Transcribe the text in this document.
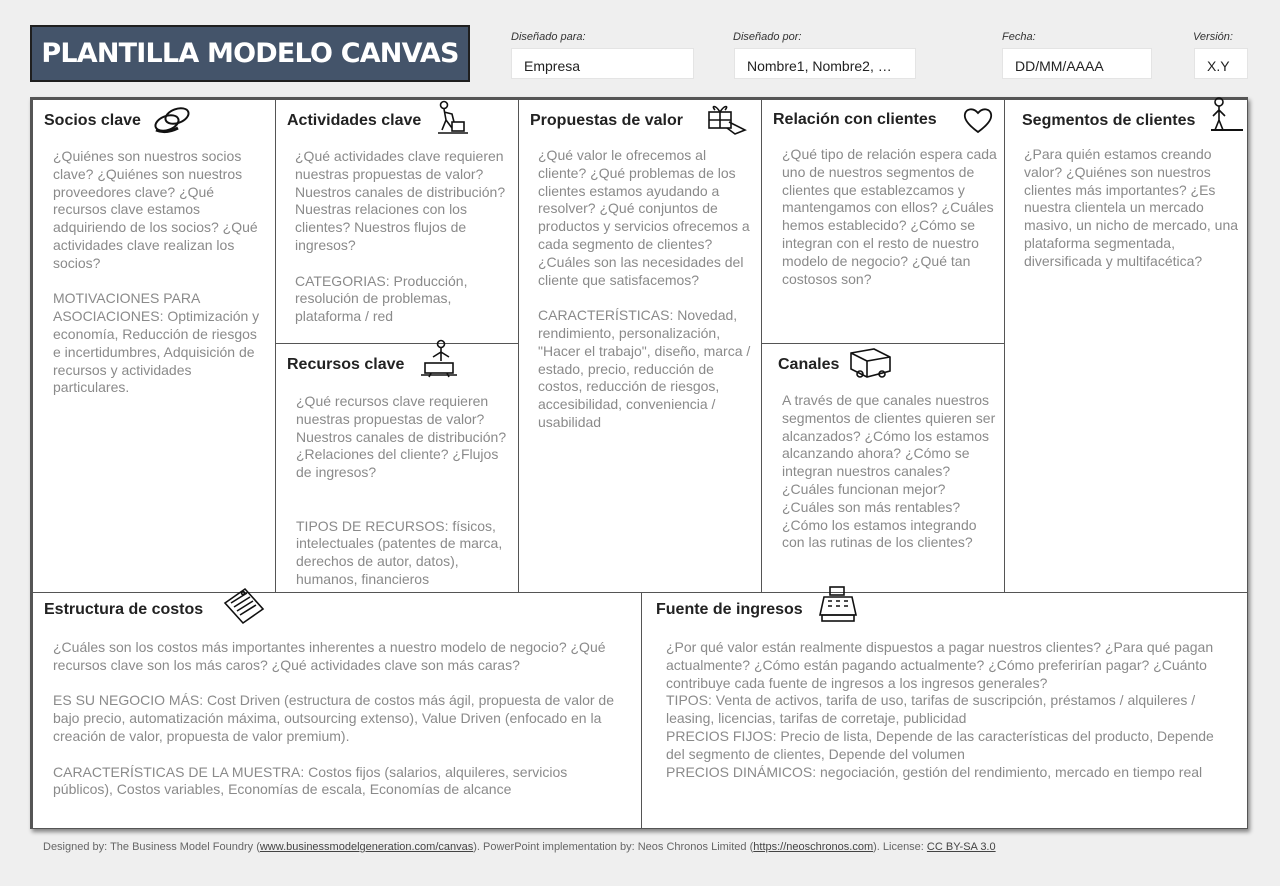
PLANTILLA MODELO CANVAS
Diseñado para:
Empresa
Diseñado por:
Nombre1, Nombre2, …
Fecha:
DD/MM/AAAA
Versión:
X.Y
Socios clave
¿Quiénes son nuestros socios clave? ¿Quiénes son nuestros proveedores clave? ¿Qué recursos clave estamos adquiriendo de los socios? ¿Qué actividades clave realizan los socios?

MOTIVACIONES PARA ASOCIACIONES: Optimización y economía, Reducción de riesgos e incertidumbres, Adquisición de recursos y actividades particulares.
Actividades clave
¿Qué actividades clave requieren nuestras propuestas de valor? Nuestros canales de distribución? Nuestras relaciones con los clientes? Nuestros flujos de ingresos?

CATEGORIAS: Producción, resolución de problemas, plataforma / red
Recursos clave
¿Qué recursos clave requieren nuestras propuestas de valor? Nuestros canales de distribución? ¿Relaciones del cliente? ¿Flujos de ingresos?

TIPOS DE RECURSOS: físicos, intelectuales (patentes de marca, derechos de autor, datos), humanos, financieros
Propuestas de valor
¿Qué valor le ofrecemos al cliente? ¿Qué problemas de los clientes estamos ayudando a resolver? ¿Qué conjuntos de productos y servicios ofrecemos a cada segmento de clientes? ¿Cuáles son las necesidades del cliente que satisfacemos?

CARACTERÍSTICAS: Novedad, rendimiento, personalización, "Hacer el trabajo", diseño, marca / estado, precio, reducción de costos, reducción de riesgos, accesibilidad, conveniencia / usabilidad
Relación con clientes
¿Qué tipo de relación espera cada uno de nuestros segmentos de clientes que establezcamos y mantengamos con ellos? ¿Cuáles hemos establecido? ¿Cómo se integran con el resto de nuestro modelo de negocio? ¿Qué tan costosos son?
Canales
A través de que canales nuestros segmentos de clientes quieren ser alcanzados? ¿Cómo los estamos alcanzando ahora? ¿Cómo se integran nuestros canales? ¿Cuáles funcionan mejor? ¿Cuáles son más rentables? ¿Cómo los estamos integrando con las rutinas de los clientes?
Segmentos de clientes
¿Para quién estamos creando valor? ¿Quiénes son nuestros clientes más importantes? ¿Es nuestra clientela un mercado masivo, un nicho de mercado, una plataforma segmentada, diversificada y multifacética?
Estructura de costos
¿Cuáles son los costos más importantes inherentes a nuestro modelo de negocio? ¿Qué recursos clave son los más caros? ¿Qué actividades clave son más caras?

ES SU NEGOCIO MÁS: Cost Driven (estructura de costos más ágil, propuesta de valor de bajo precio, automatización máxima, outsourcing extenso), Value Driven (enfocado en la creación de valor, propuesta de valor premium).

CARACTERÍSTICAS DE LA MUESTRA: Costos fijos (salarios, alquileres, servicios públicos), Costos variables, Economías de escala, Economías de alcance
Fuente de ingresos
¿Por qué valor están realmente dispuestos a pagar nuestros clientes? ¿Para qué pagan actualmente? ¿Cómo están pagando actualmente? ¿Cómo preferirían pagar? ¿Cuánto contribuye cada fuente de ingresos a los ingresos generales?
TIPOS: Venta de activos, tarifa de uso, tarifas de suscripción, préstamos / alquileres / leasing, licencias, tarifas de corretaje, publicidad
PRECIOS FIJOS: Precio de lista, Depende de las características del producto, Depende del segmento de clientes, Depende del volumen
PRECIOS DINÁMICOS: negociación, gestión del rendimiento, mercado en tiempo real
Designed by: The Business Model Foundry (www.businessmodelgeneration.com/canvas). PowerPoint implementation by: Neos Chronos Limited (https://neoschronos.com). License: CC BY-SA 3.0
